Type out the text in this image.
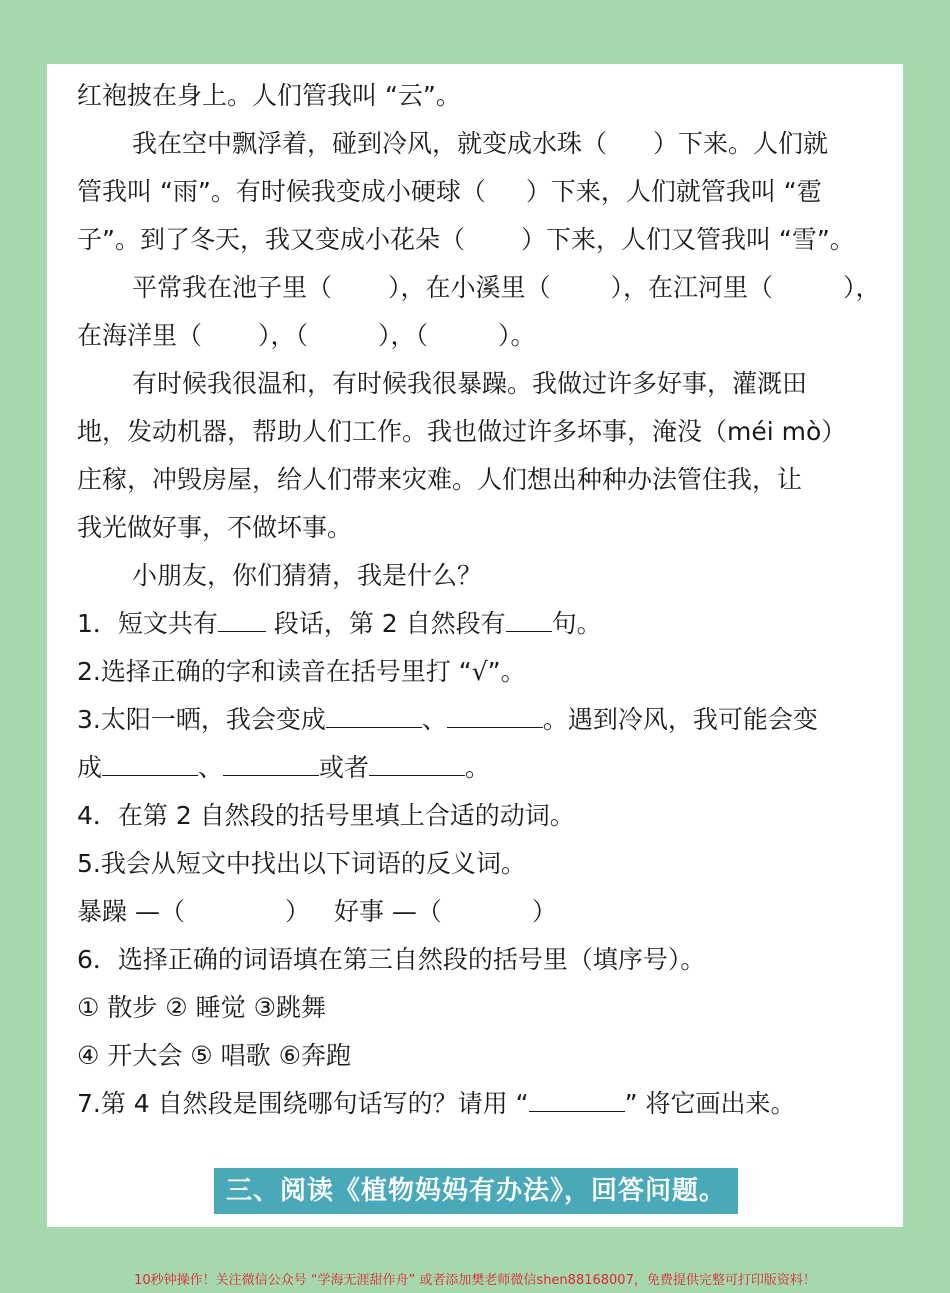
红袍披在身上。人们管我叫 “云”。
我在空中飘浮着，碰到冷风，就变成水珠（ ）下来。人们就
管我叫 “雨”。有时候我变成小硬球（ ）下来，人们就管我叫 “雹
子”。到了冬天，我又变成小花朵（ ）下来，人们又管我叫 “雪”。
平常我在池子里（ ），在小溪里（ ），在江河里（	），
在海洋里（ ），（	），（	）。
有时候我很温和，有时候我很暴躁。我做过许多好事，灌溉田
地，发动机器，帮助人们工作。我也做过许多坏事，淹没（méi mò）
庄稼，冲毁房屋，给人们带来灾难。人们想出种种办法管住我，让
我光做好事，不做坏事。
小朋友，你们猜猜，我是什么？
1．短文共有 段话，第 2 自然段有 句。
2.选择正确的字和读音在括号里打 “√”。
3.太阳一晒，我会变成	、	。遇到冷风，我可能会变
成	、	或者	。
4．在第 2 自然段的括号里填上合适的动词。
5.我会从短文中找出以下词语的反义词。
暴躁 —（	） 好事 —（	）
6．选择正确的词语填在第三自然段的括号里（填序号）。
① 散步 ② 睡觉 ③跳舞
④ 开大会 ⑤ 唱歌 ⑥奔跑
7.第 4 自然段是围绕哪句话写的？请用 “	” 将它画出来。
三、阅读《植物妈妈有办法》，回答问题。
10秒钟操作！关注微信公众号 “学海无涯甜作舟” 或者添加樊老师微信shen88168007，免费提供完整可打印版资料！
